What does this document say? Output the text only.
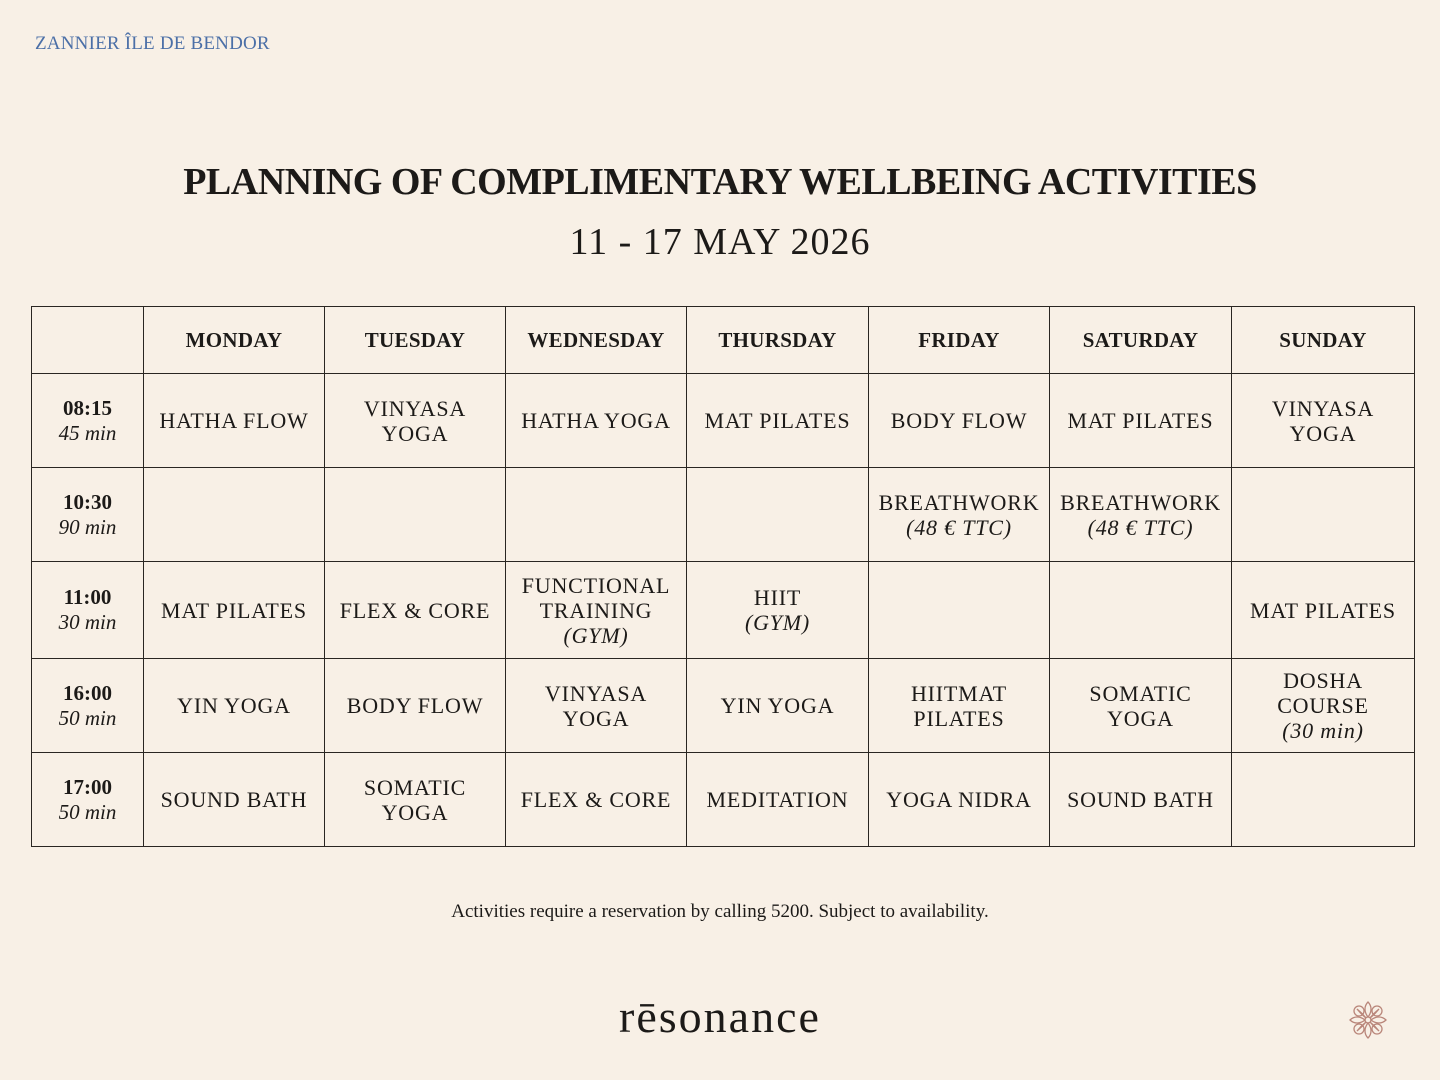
ZANNIER ÎLE DE BENDOR
PLANNING OF COMPLIMENTARY WELLBEING ACTIVITIES
11 - 17 MAY 2026
	MONDAY	TUESDAY	WEDNESDAY	THURSDAY	FRIDAY	SATURDAY	SUNDAY

08:15
45 min	HATHA FLOW	VINYASA
YOGA	HATHA YOGA	MAT PILATES	BODY FLOW	MAT PILATES	VINYASA
YOGA

10:30
90 min					BREATHWORK
(48 € TTC)	BREATHWORK
(48 € TTC)	

11:00
30 min	MAT PILATES	FLEX & CORE	FUNCTIONAL
TRAINING
(GYM)	HIIT
(GYM)			MAT PILATES

16:00
50 min	YIN YOGA	BODY FLOW	VINYASA
YOGA	YIN YOGA	HIITMAT
PILATES	SOMATIC
YOGA	DOSHA
COURSE
(30 min)

17:00
50 min	SOUND BATH	SOMATIC
YOGA	FLEX & CORE	MEDITATION	YOGA NIDRA	SOUND BATH	

Activities require a reservation by calling 5200. Subject to availability.
rēsonance
